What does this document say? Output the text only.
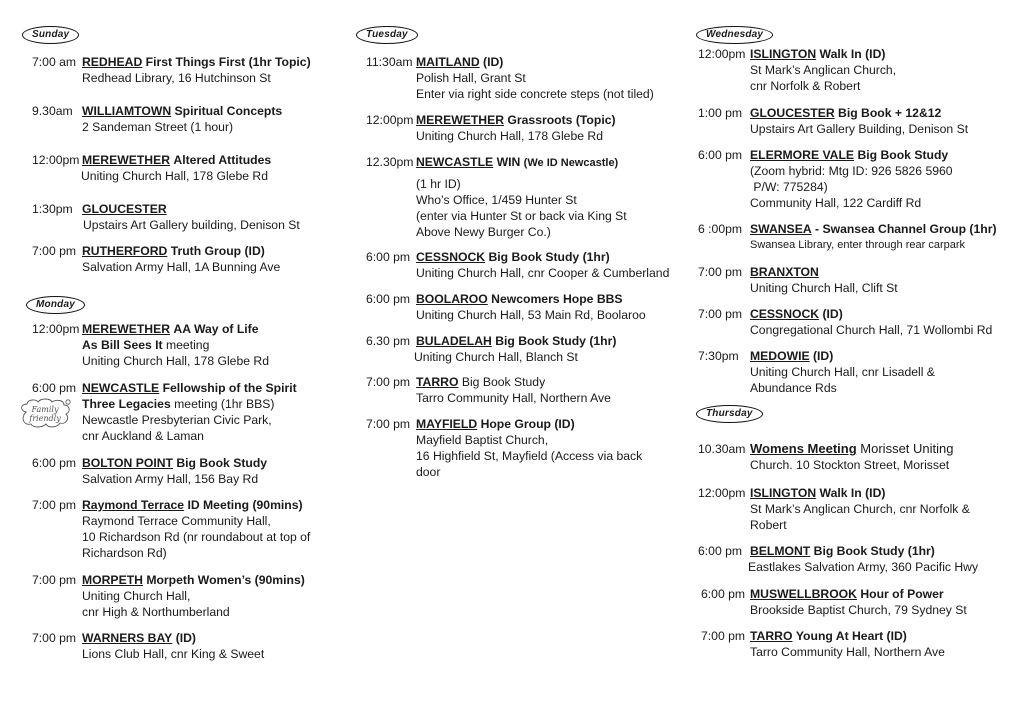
Sunday
7:00 am REDHEAD First Things First (1hr Topic)
Redhead Library, 16 Hutchinson St
9.30am WILLIAMTOWN Spiritual Concepts
2 Sandeman Street (1 hour)
12:00pm MEREWETHER Altered Attitudes
Uniting Church Hall, 178 Glebe Rd
1:30pm GLOUCESTER
Upstairs Art Gallery building, Denison St
7:00 pm RUTHERFORD Truth Group (ID)
Salvation Army Hall, 1A Bunning Ave
Monday
12:00pm MEREWETHER AA Way of Life
As Bill Sees It meeting
Uniting Church Hall, 178 Glebe Rd
6:00 pm NEWCASTLE Fellowship of the Spirit
Three Legacies meeting (1hr BBS)
Newcastle Presbyterian Civic Park,
cnr Auckland & Laman
Family
friendly
6:00 pm BOLTON POINT Big Book Study
Salvation Army Hall, 156 Bay Rd
7:00 pm Raymond Terrace ID Meeting (90mins)
Raymond Terrace Community Hall,
10 Richardson Rd (nr roundabout at top of
Richardson Rd)
7:00 pm MORPETH Morpeth Women’s (90mins)
Uniting Church Hall,
cnr High & Northumberland
7:00 pm WARNERS BAY (ID)
Lions Club Hall, cnr King & Sweet
Tuesday
11:30am MAITLAND (ID)
Polish Hall, Grant St
Enter via right side concrete steps (not tiled)
12:00pm MEREWETHER Grassroots (Topic)
Uniting Church Hall, 178 Glebe Rd
12.30pm NEWCASTLE WIN (We ID Newcastle)
(1 hr ID)
Who’s Office, 1/459 Hunter St
(enter via Hunter St or back via King St
Above Newy Burger Co.)
6:00 pm CESSNOCK Big Book Study (1hr)
Uniting Church Hall, cnr Cooper & Cumberland
6:00 pm BOOLAROO Newcomers Hope BBS
Uniting Church Hall, 53 Main Rd, Boolaroo
6.30 pm BULADELAH Big Book Study (1hr)
Uniting Church Hall, Blanch St
7:00 pm TARRO Big Book Study
Tarro Community Hall, Northern Ave
7:00 pm MAYFIELD Hope Group (ID)
Mayfield Baptist Church,
16 Highfield St, Mayfield (Access via back
door
Wednesday
12:00pm ISLINGTON Walk In (ID)
St Mark’s Anglican Church,
cnr Norfolk & Robert
1:00 pm GLOUCESTER Big Book + 12&12
Upstairs Art Gallery Building, Denison St
6:00 pm ELERMORE VALE Big Book Study
(Zoom hybrid: Mtg ID: 926 5826 5960
P/W: 775284)
Community Hall, 122 Cardiff Rd
6 :00pm SWANSEA - Swansea Channel Group (1hr)
Swansea Library, enter through rear carpark
7:00 pm BRANXTON
Uniting Church Hall, Clift St
7:00 pm CESSNOCK (ID)
Congregational Church Hall, 71 Wollombi Rd
7:30pm MEDOWIE (ID)
Uniting Church Hall, cnr Lisadell &
Abundance Rds
Thursday
10.30am Womens Meeting Morisset Uniting
Church. 10 Stockton Street, Morisset
12:00pm ISLINGTON Walk In (ID)
St Mark’s Anglican Church, cnr Norfolk &
Robert
6:00 pm BELMONT Big Book Study (1hr)
Eastlakes Salvation Army, 360 Pacific Hwy
6:00 pm MUSWELLBROOK Hour of Power
Brookside Baptist Church, 79 Sydney St
7:00 pm TARRO Young At Heart (ID)
Tarro Community Hall, Northern Ave
